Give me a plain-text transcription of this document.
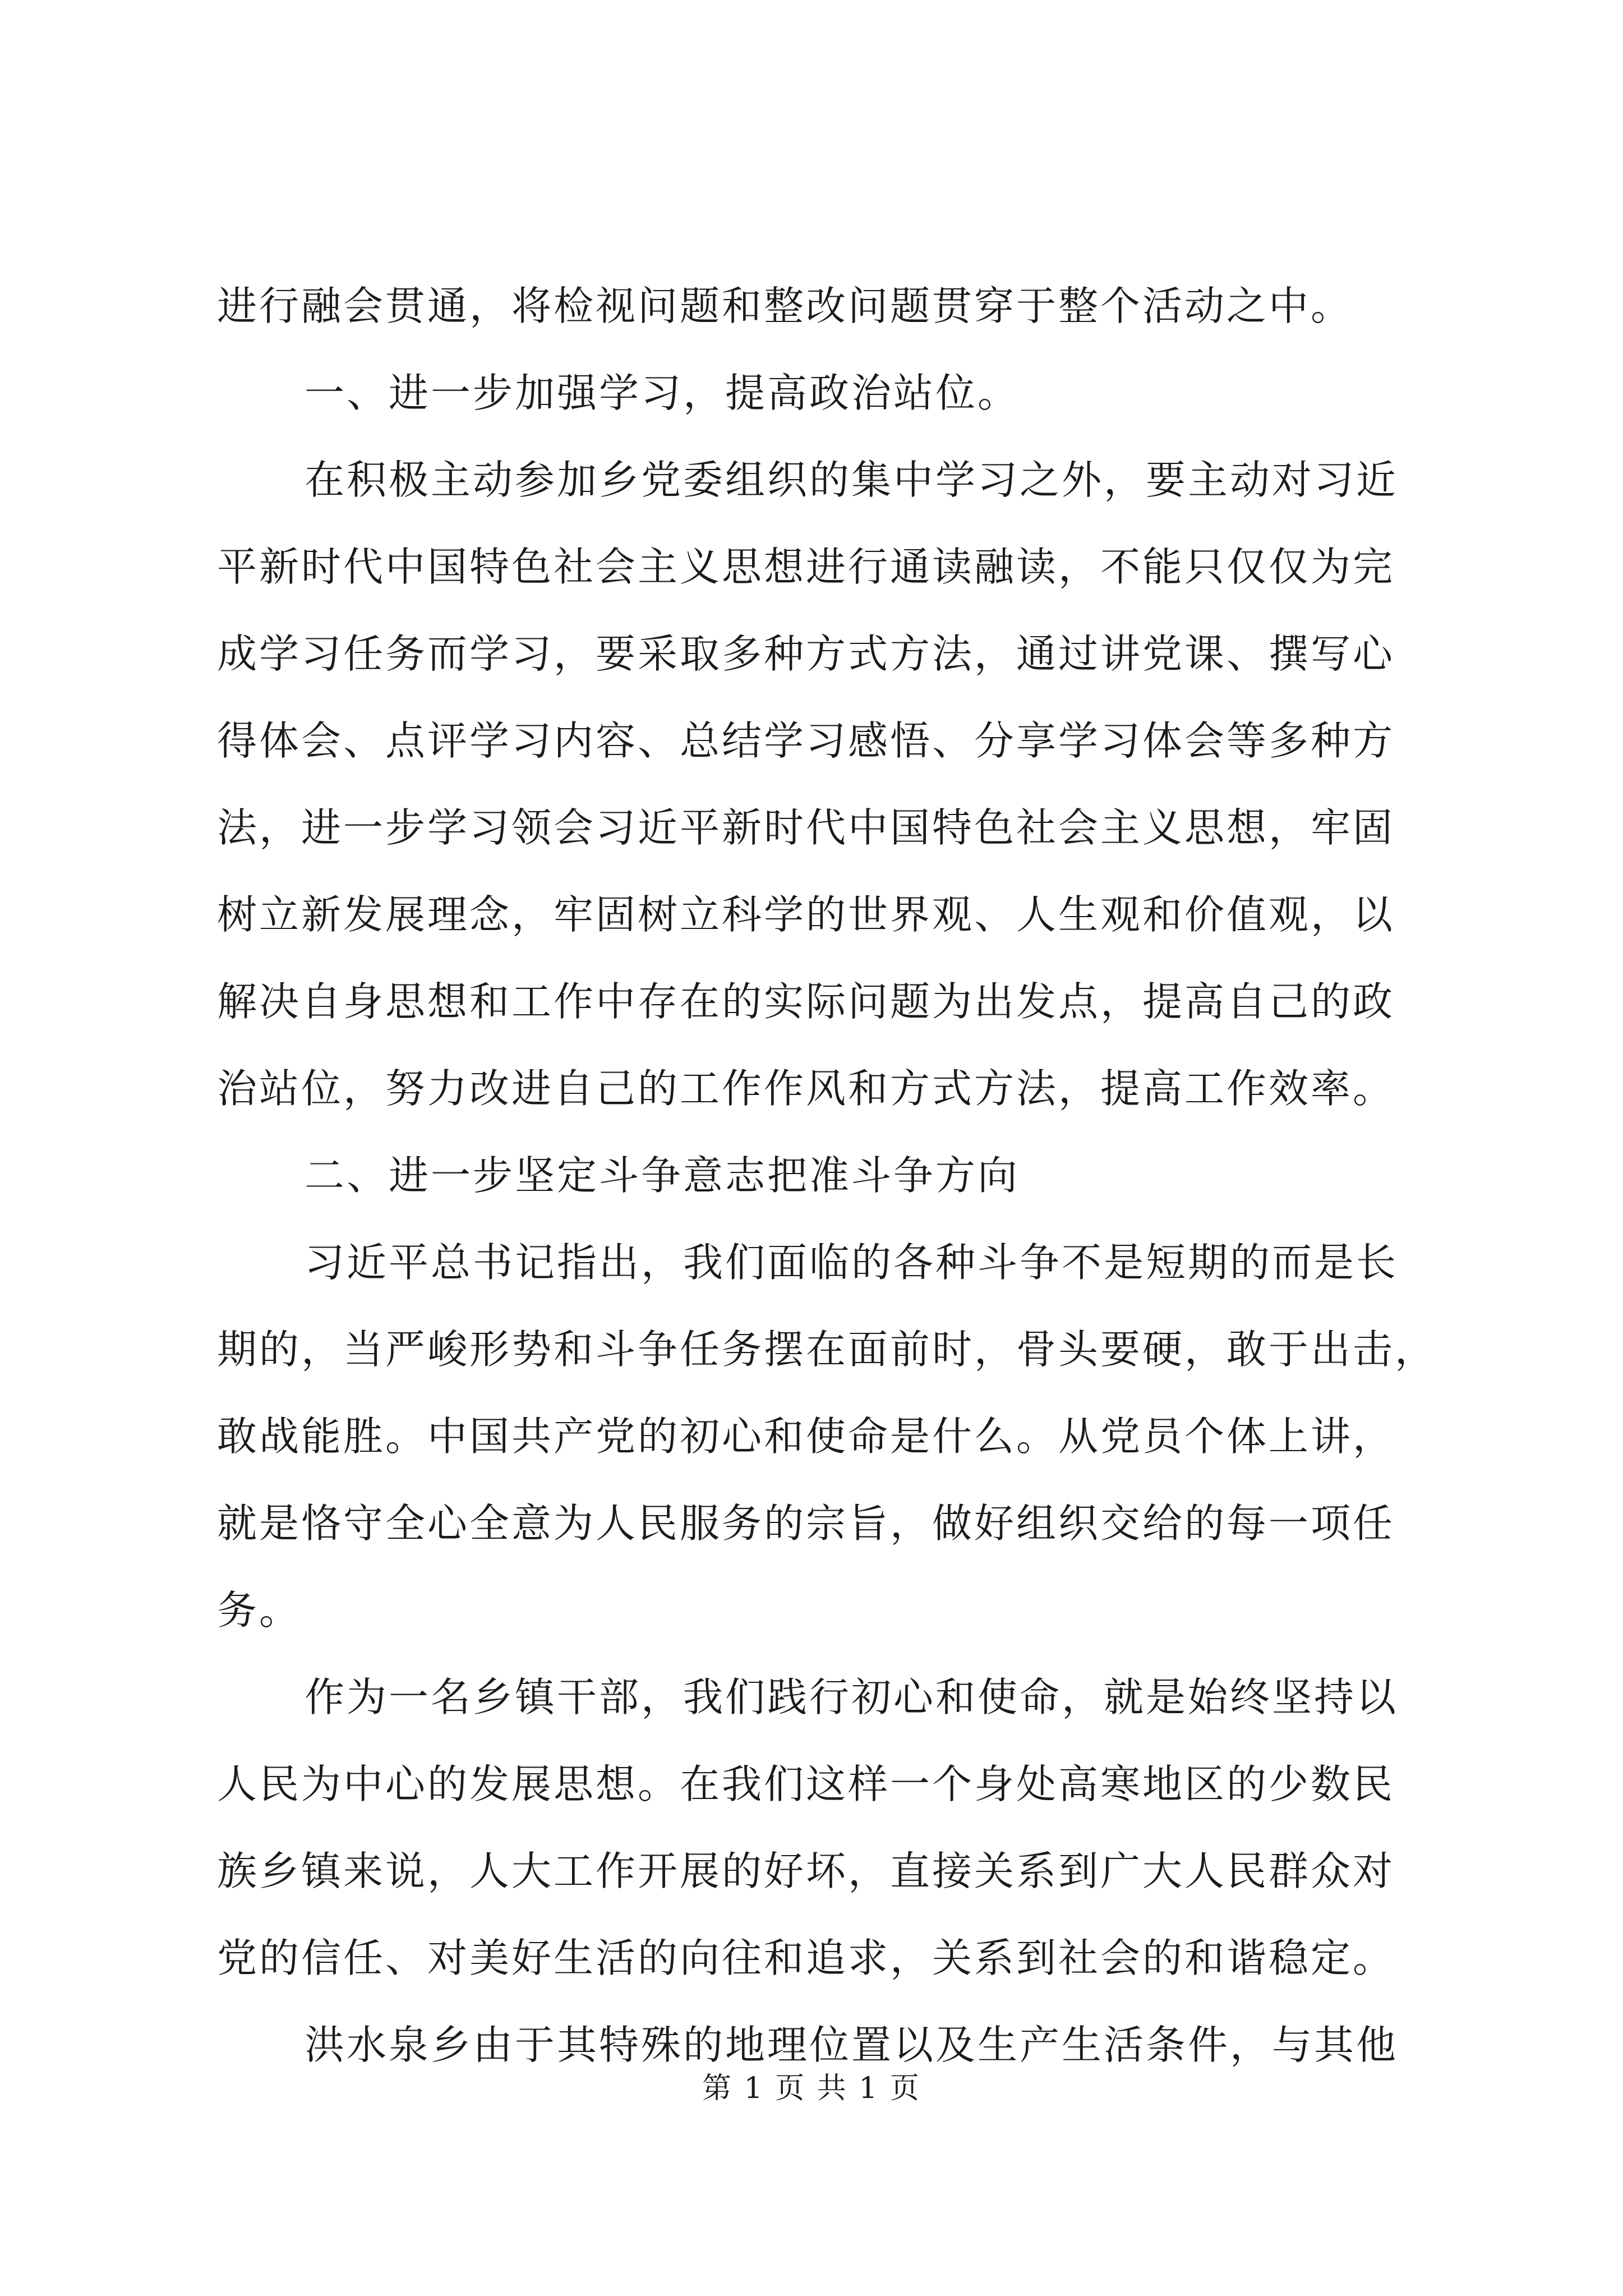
进行融会贯通，将检视问题和整改问题贯穿于整个活动之中。
一、进一步加强学习，提高政治站位。
在积极主动参加乡党委组织的集中学习之外，要主动对习近
平新时代中国特色社会主义思想进行通读融读，不能只仅仅为完
成学习任务而学习，要采取多种方式方法，通过讲党课、撰写心
得体会、点评学习内容、总结学习感悟、分享学习体会等多种方
法，进一步学习领会习近平新时代中国特色社会主义思想，牢固
树立新发展理念，牢固树立科学的世界观、人生观和价值观，以
解决自身思想和工作中存在的实际问题为出发点，提高自己的政
治站位，努力改进自己的工作作风和方式方法，提高工作效率。
二、进一步坚定斗争意志把准斗争方向
习近平总书记指出，我们面临的各种斗争不是短期的而是长
期的，当严峻形势和斗争任务摆在面前时，骨头要硬，敢于出击，
敢战能胜。中国共产党的初心和使命是什么。从党员个体上讲，
就是恪守全心全意为人民服务的宗旨，做好组织交给的每一项任
务。
作为一名乡镇干部，我们践行初心和使命，就是始终坚持以
人民为中心的发展思想。在我们这样一个身处高寒地区的少数民
族乡镇来说，人大工作开展的好坏，直接关系到广大人民群众对
党的信任、对美好生活的向往和追求，关系到社会的和谐稳定。
洪水泉乡由于其特殊的地理位置以及生产生活条件，与其他
第 1 页 共 1 页
